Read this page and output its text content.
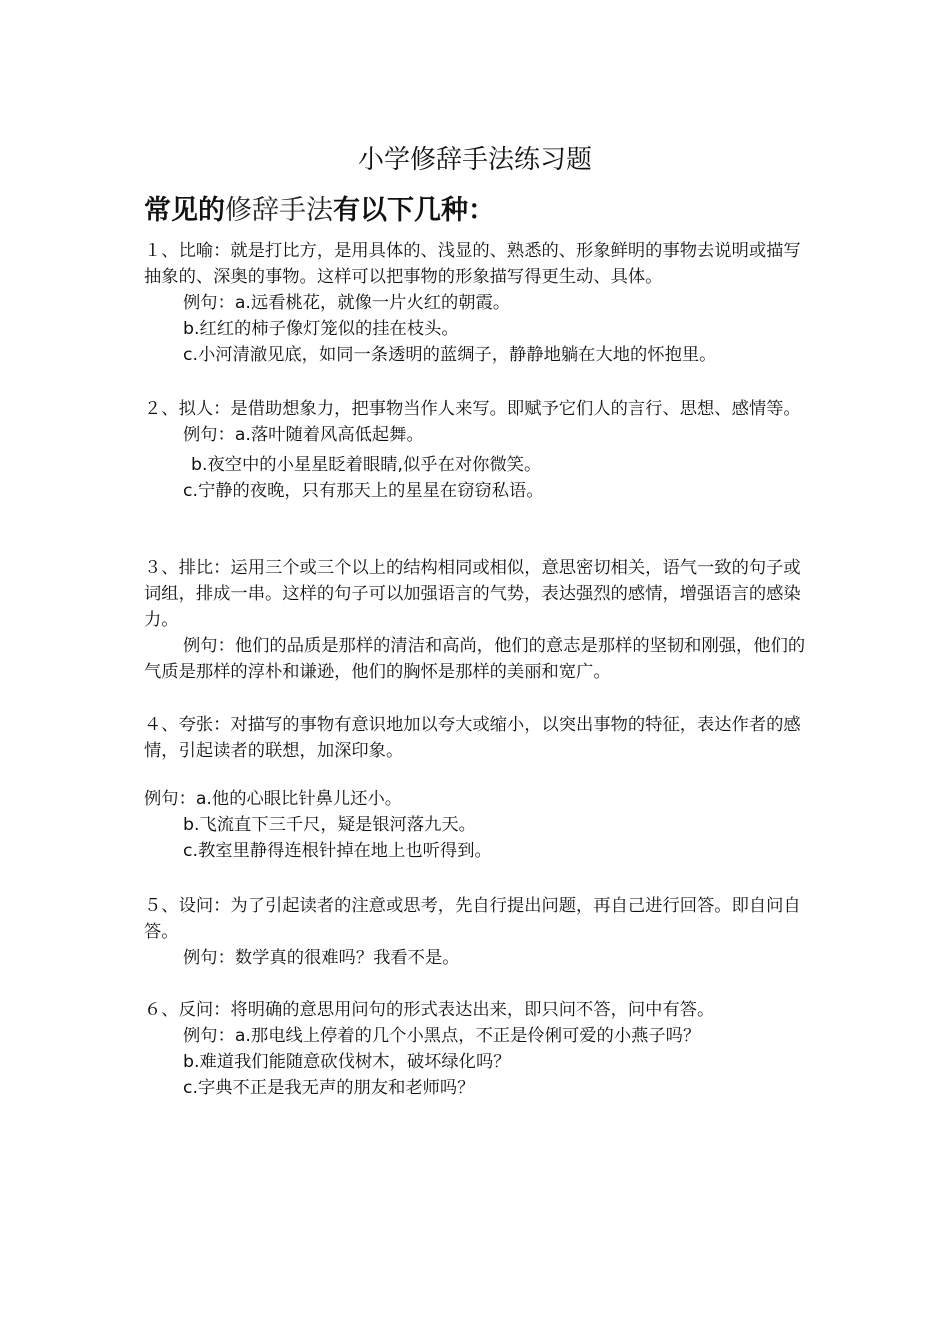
小学修辞手法练习题
常见的修辞手法有以下几种：

１、比喻：就是打比方，是用具体的、浅显的、熟悉的、形象鲜明的事物去说明或描写抽象的、深奥的事物。这样可以把事物的形象描写得更生动、具体。

例句：a.远看桃花，就像一片火红的朝霞。

b.红红的柿子像灯笼似的挂在枝头。

c.小河清澈见底，如同一条透明的蓝绸子，静静地躺在大地的怀抱里。

２、拟人：是借助想象力，把事物当作人来写。即赋予它们人的言行、思想、感情等。

例句：a.落叶随着风高低起舞。

b.夜空中的小星星眨着眼睛,似乎在对你微笑。

c.宁静的夜晚，只有那天上的星星在窃窃私语。

３、排比：运用三个或三个以上的结构相同或相似，意思密切相关，语气一致的句子或词组，排成一串。这样的句子可以加强语言的气势，表达强烈的感情，增强语言的感染力。

例句：他们的品质是那样的清洁和高尚，他们的意志是那样的坚韧和刚强，他们的气质是那样的淳朴和谦逊，他们的胸怀是那样的美丽和宽广。

４、夸张：对描写的事物有意识地加以夸大或缩小，以突出事物的特征，表达作者的感情，引起读者的联想，加深印象。

例句：a.他的心眼比针鼻儿还小。

b.飞流直下三千尺，疑是银河落九天。

c.教室里静得连根针掉在地上也听得到。

５、设问：为了引起读者的注意或思考，先自行提出问题，再自己进行回答。即自问自答。

例句：数学真的很难吗？我看不是。

６、反问：将明确的意思用问句的形式表达出来，即只问不答，问中有答。

例句：a.那电线上停着的几个小黑点，不正是伶俐可爱的小燕子吗？

b.难道我们能随意砍伐树木，破坏绿化吗？

c.字典不正是我无声的朋友和老师吗？
